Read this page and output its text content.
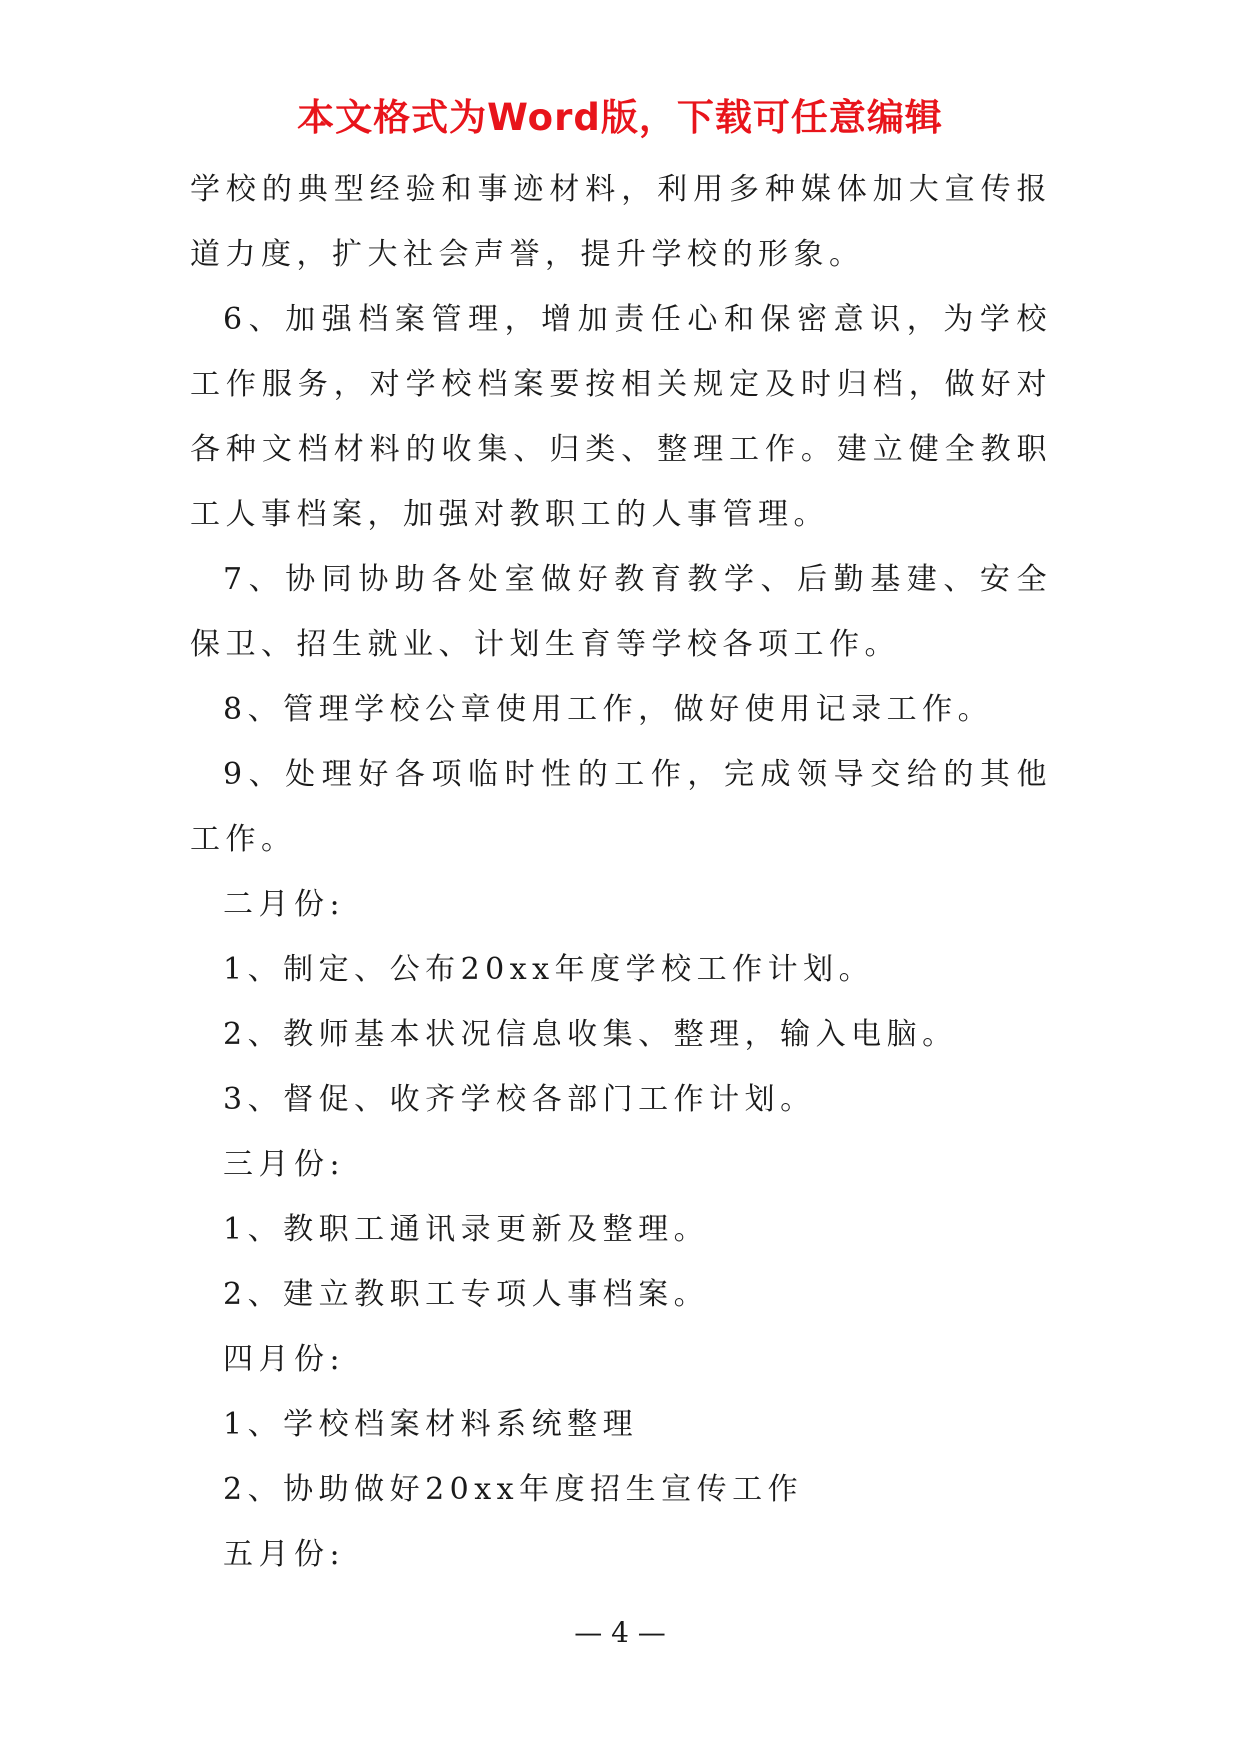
本文格式为Word版，下载可任意编辑

学校的典型经验和事迹材料，利用多种媒体加大宣传报道力度，扩大社会声誉，提升学校的形象。

6、加强档案管理，增加责任心和保密意识，为学校工作服务，对学校档案要按相关规定及时归档，做好对各种文档材料的收集、归类、整理工作。建立健全教职工人事档案，加强对教职工的人事管理。

7、协同协助各处室做好教育教学、后勤基建、安全保卫、招生就业、计划生育等学校各项工作。

8、管理学校公章使用工作，做好使用记录工作。

9、处理好各项临时性的工作，完成领导交给的其他工作。

二月份:

1、制定、公布20xx年度学校工作计划。

2、教师基本状况信息收集、整理，输入电脑。

3、督促、收齐学校各部门工作计划。

三月份:

1、教职工通讯录更新及整理。

2、建立教职工专项人事档案。

四月份:

1、学校档案材料系统整理

2、协助做好20xx年度招生宣传工作

五月份:

— 4 —
